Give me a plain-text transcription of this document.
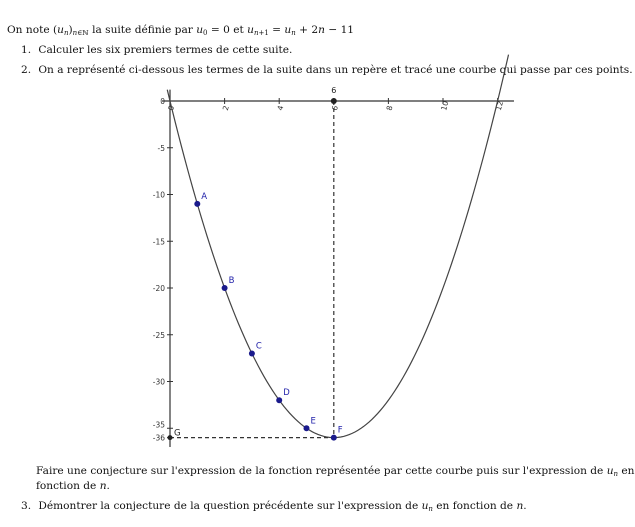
On note $(u_n)_{n\in ℕ}$ la suite définie par $u_0 = 0$ et $u_{n+1} = u_n + 2n - 11$
1. Calculer les six premiers termes de cette suite.
2. On a représenté ci-dessous les termes de la suite dans un repère et tracé une courbe qui passe par ces points.
0	2	4	6	8	10	12
0
-5
-10
-15
-20
-25
-30
-35
-36
6
A
B
C
D
E
F
G
Faire une conjecture sur l'expression de la fonction représentée par cette courbe puis sur l'expression de $u_n$ en
fonction de n.
3. Démontrer la conjecture de la question précédente sur l'expression de $u_n$ en fonction de n.
